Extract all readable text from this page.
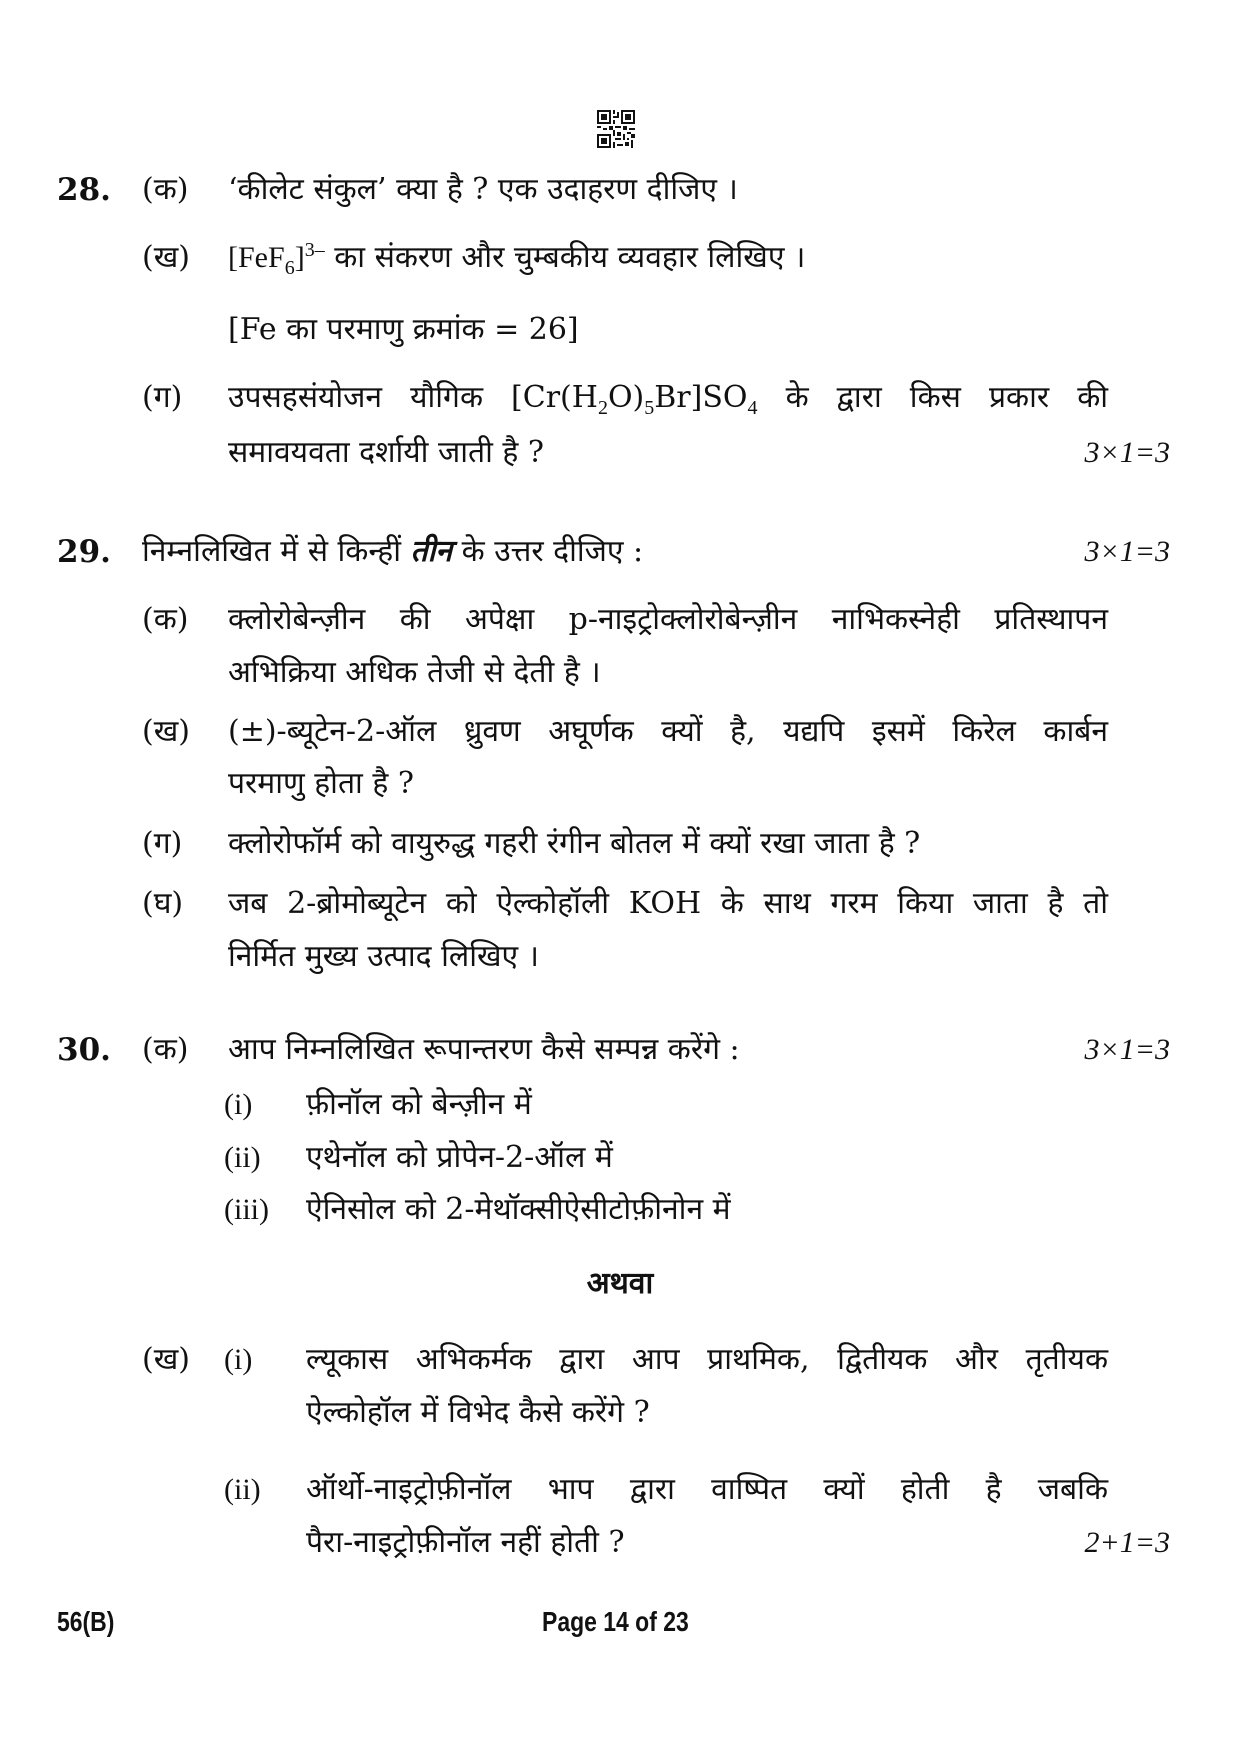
28. (क) ‘कीलेट संकुल’ क्या है ? एक उदाहरण दीजिए ।
(ख) $[FeF_6]^{3-}$ का संकरण और चुम्बकीय व्यवहार लिखिए ।
[Fe का परमाणु क्रमांक = 26]
(ग) उपसहसंयोजन यौगिक $[Cr(H_2O)_5Br]SO_4$ के द्वारा किस प्रकार की
समावयवता दर्शायी जाती है ?	3×1=3
29. निम्नलिखित में से किन्हीं तीन के उत्तर दीजिए :	3×1=3
(क) क्लोरोबेन्ज़ीन की अपेक्षा p-नाइट्रोक्लोरोबेन्ज़ीन नाभिकस्नेही प्रतिस्थापन
अभिक्रिया अधिक तेजी से देती है ।
(ख) (±)-ब्यूटेन-2-ऑल ध्रुवण अघूर्णक क्यों है, यद्यपि इसमें किरेल कार्बन
परमाणु होता है ?
(ग) क्लोरोफॉर्म को वायुरुद्ध गहरी रंगीन बोतल में क्यों रखा जाता है ?
(घ) जब 2-ब्रोमोब्यूटेन को ऐल्कोहॉली KOH के साथ गरम किया जाता है तो
निर्मित मुख्य उत्पाद लिखिए ।
30. (क) आप निम्नलिखित रूपान्तरण कैसे सम्पन्न करेंगे :	3×1=3
(i) फ़ीनॉल को बेन्ज़ीन में
(ii) एथेनॉल को प्रोपेन-2-ऑल में
(iii) ऐनिसोल को 2-मेथॉक्सीऐसीटोफ़ीनोन में
अथवा
(ख) (i) ल्यूकास अभिकर्मक द्वारा आप प्राथमिक, द्वितीयक और तृतीयक
ऐल्कोहॉल में विभेद कैसे करेंगे ?
(ii) ऑर्थो-नाइट्रोफ़ीनॉल भाप द्वारा वाष्पित क्यों होती है जबकि
पैरा-नाइट्रोफ़ीनॉल नहीं होती ?	2+1=3
56(B)	Page 14 of 23
